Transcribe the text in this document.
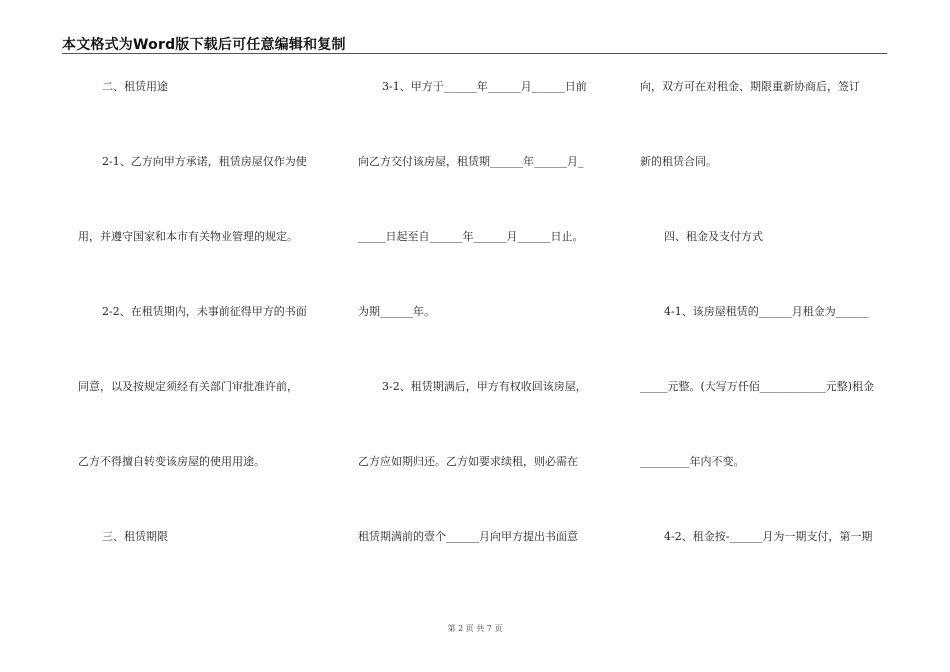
本文格式为Word版下载后可任意编辑和复制
二、租赁用途
2-1、乙方向甲方承诺，租赁房屋仅作为使
用，并遵守国家和本市有关物业管理的规定。
2-2、在租赁期内，未事前征得甲方的书面
同意，以及按规定须经有关部门审批准许前，
乙方不得擅自转变该房屋的使用用途。
三、租赁期限
3-1、甲方于______年______月______日前
向乙方交付该房屋，租赁期______年______月_
_____日起至自______年______月______日止。
为期______年。
3-2、租赁期满后，甲方有权收回该房屋，
乙方应如期归还。乙方如要求续租，则必需在
租赁期满前的壹个______月向甲方提出书面意
向，双方可在对租金、期限重新协商后，签订
新的租赁合同。
四、租金及支付方式
4-1、该房屋租赁的______月租金为______
_____元整。(大写万仟佰____________元整)租金
_________年内不变。
4-2、租金按-______月为一期支付，第一期
第 2 页 共 7 页
